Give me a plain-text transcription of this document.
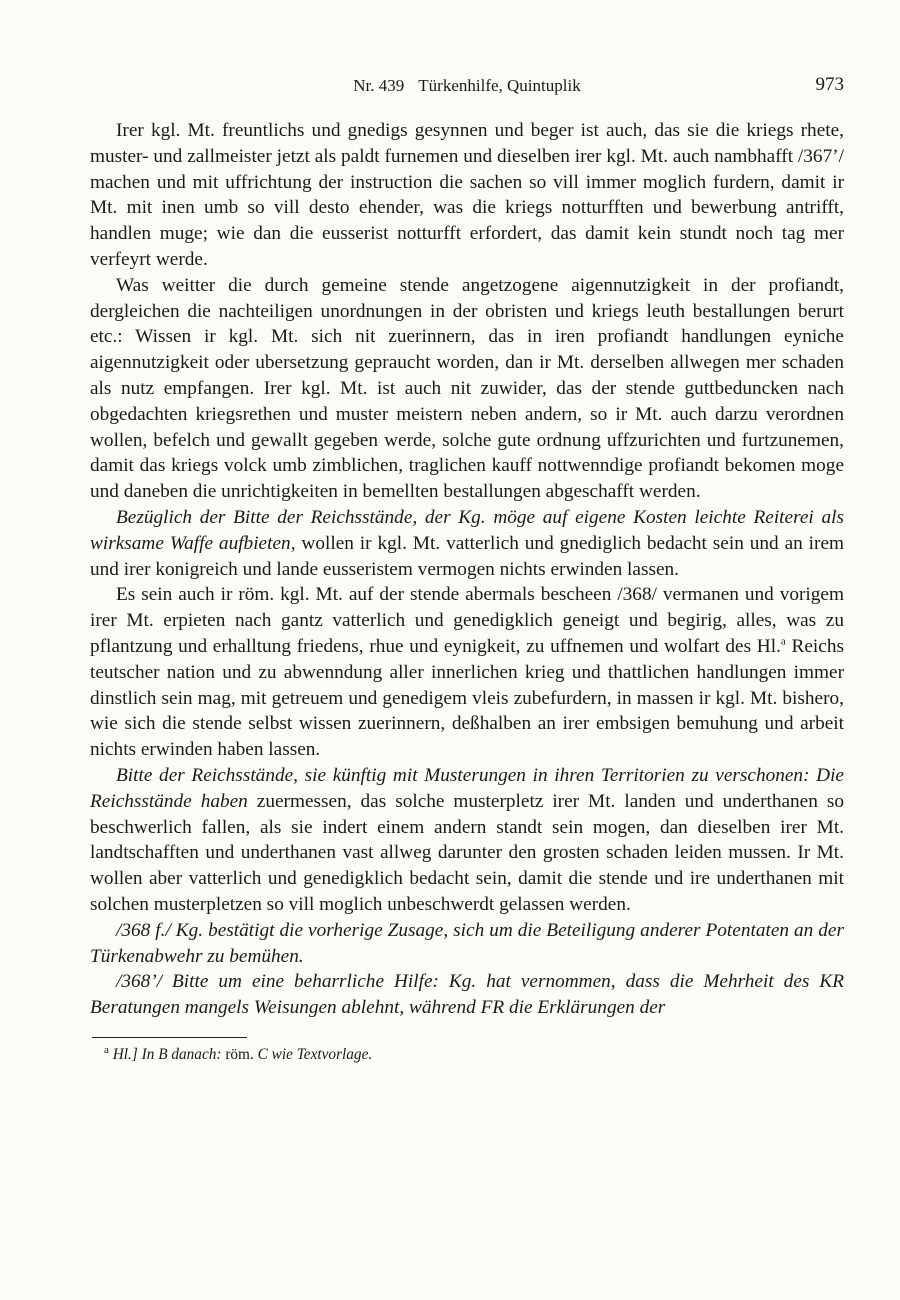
Nr. 439 Türkenhilfe, Quintuplik	973

Irer kgl. Mt. freuntlichs und gnedigs gesynnen und beger ist auch, das sie die kriegs rhete, muster- und zallmeister jetzt als paldt furnemen und dieselben irer kgl. Mt. auch nambhafft /367’/ machen und mit uffrichtung der instruction die sachen so vill immer moglich furdern, damit ir Mt. mit inen umb so vill desto ehender, was die kriegs notturfften und bewerbung antrifft, handlen muge; wie dan die eusserist notturfft erfordert, das damit kein stundt noch tag mer verfeyrt werde.

Was weitter die durch gemeine stende angetzogene aigennutzigkeit in der profiandt, dergleichen die nachteiligen unordnungen in der obristen und kriegs leuth bestallungen berurt etc.: Wissen ir kgl. Mt. sich nit zuerinnern, das in iren profiandt handlungen eyniche aigennutzigkeit oder ubersetzung gepraucht worden, dan ir Mt. derselben allwegen mer schaden als nutz empfangen. Irer kgl. Mt. ist auch nit zuwider, das der stende guttbeduncken nach obgedachten kriegsrethen und muster meistern neben andern, so ir Mt. auch darzu verordnen wollen, befelch und gewallt gegeben werde, solche gute ordnung uffzurichten und furtzunemen, damit das kriegs volck umb zimblichen, traglichen kauff nottwenndige profiandt bekomen moge und daneben die unrichtigkeiten in bemellten bestallungen abgeschafft werden.

Bezüglich der Bitte der Reichsstände, der Kg. möge auf eigene Kosten leichte Reiterei als wirksame Waffe aufbieten, wollen ir kgl. Mt. vatterlich und gnediglich bedacht sein und an irem und irer konigreich und lande eusseristem vermogen nichts erwinden lassen.

Es sein auch ir röm. kgl. Mt. auf der stende abermals bescheen /368/ vermanen und vorigem irer Mt. erpieten nach gantz vatterlich und genedigklich geneigt und begirig, alles, was zu pflantzung und erhalltung friedens, rhue und eynigkeit, zu uffnemen und wolfart des Hl.$^a$ Reichs teutscher nation und zu abwenndung aller innerlichen krieg und thattlichen handlungen immer dinstlich sein mag, mit getreuem und genedigem vleis zubefurdern, in massen ir kgl. Mt. bishero, wie sich die stende selbst wissen zuerinnern, deßhalben an irer embsigen bemuhung und arbeit nichts erwinden haben lassen.

Bitte der Reichsstände, sie künftig mit Musterungen in ihren Territorien zu verschonen: Die Reichsstände haben zuermessen, das solche musterpletz irer Mt. landen und underthanen so beschwerlich fallen, als sie indert einem andern standt sein mogen, dan dieselben irer Mt. landtschafften und underthanen vast allweg darunter den grosten schaden leiden mussen. Ir Mt. wollen aber vatterlich und genedigklich bedacht sein, damit die stende und ire underthanen mit solchen musterpletzen so vill moglich unbeschwerdt gelassen werden.

/368 f./ Kg. bestätigt die vorherige Zusage, sich um die Beteiligung anderer Potentaten an der Türkenabwehr zu bemühen.

/368’/ Bitte um eine beharrliche Hilfe: Kg. hat vernommen, dass die Mehrheit des KR Beratungen mangels Weisungen ablehnt, während FR die Erklärungen der

$^a$ Hl.] In B danach: röm. C wie Textvorlage.
